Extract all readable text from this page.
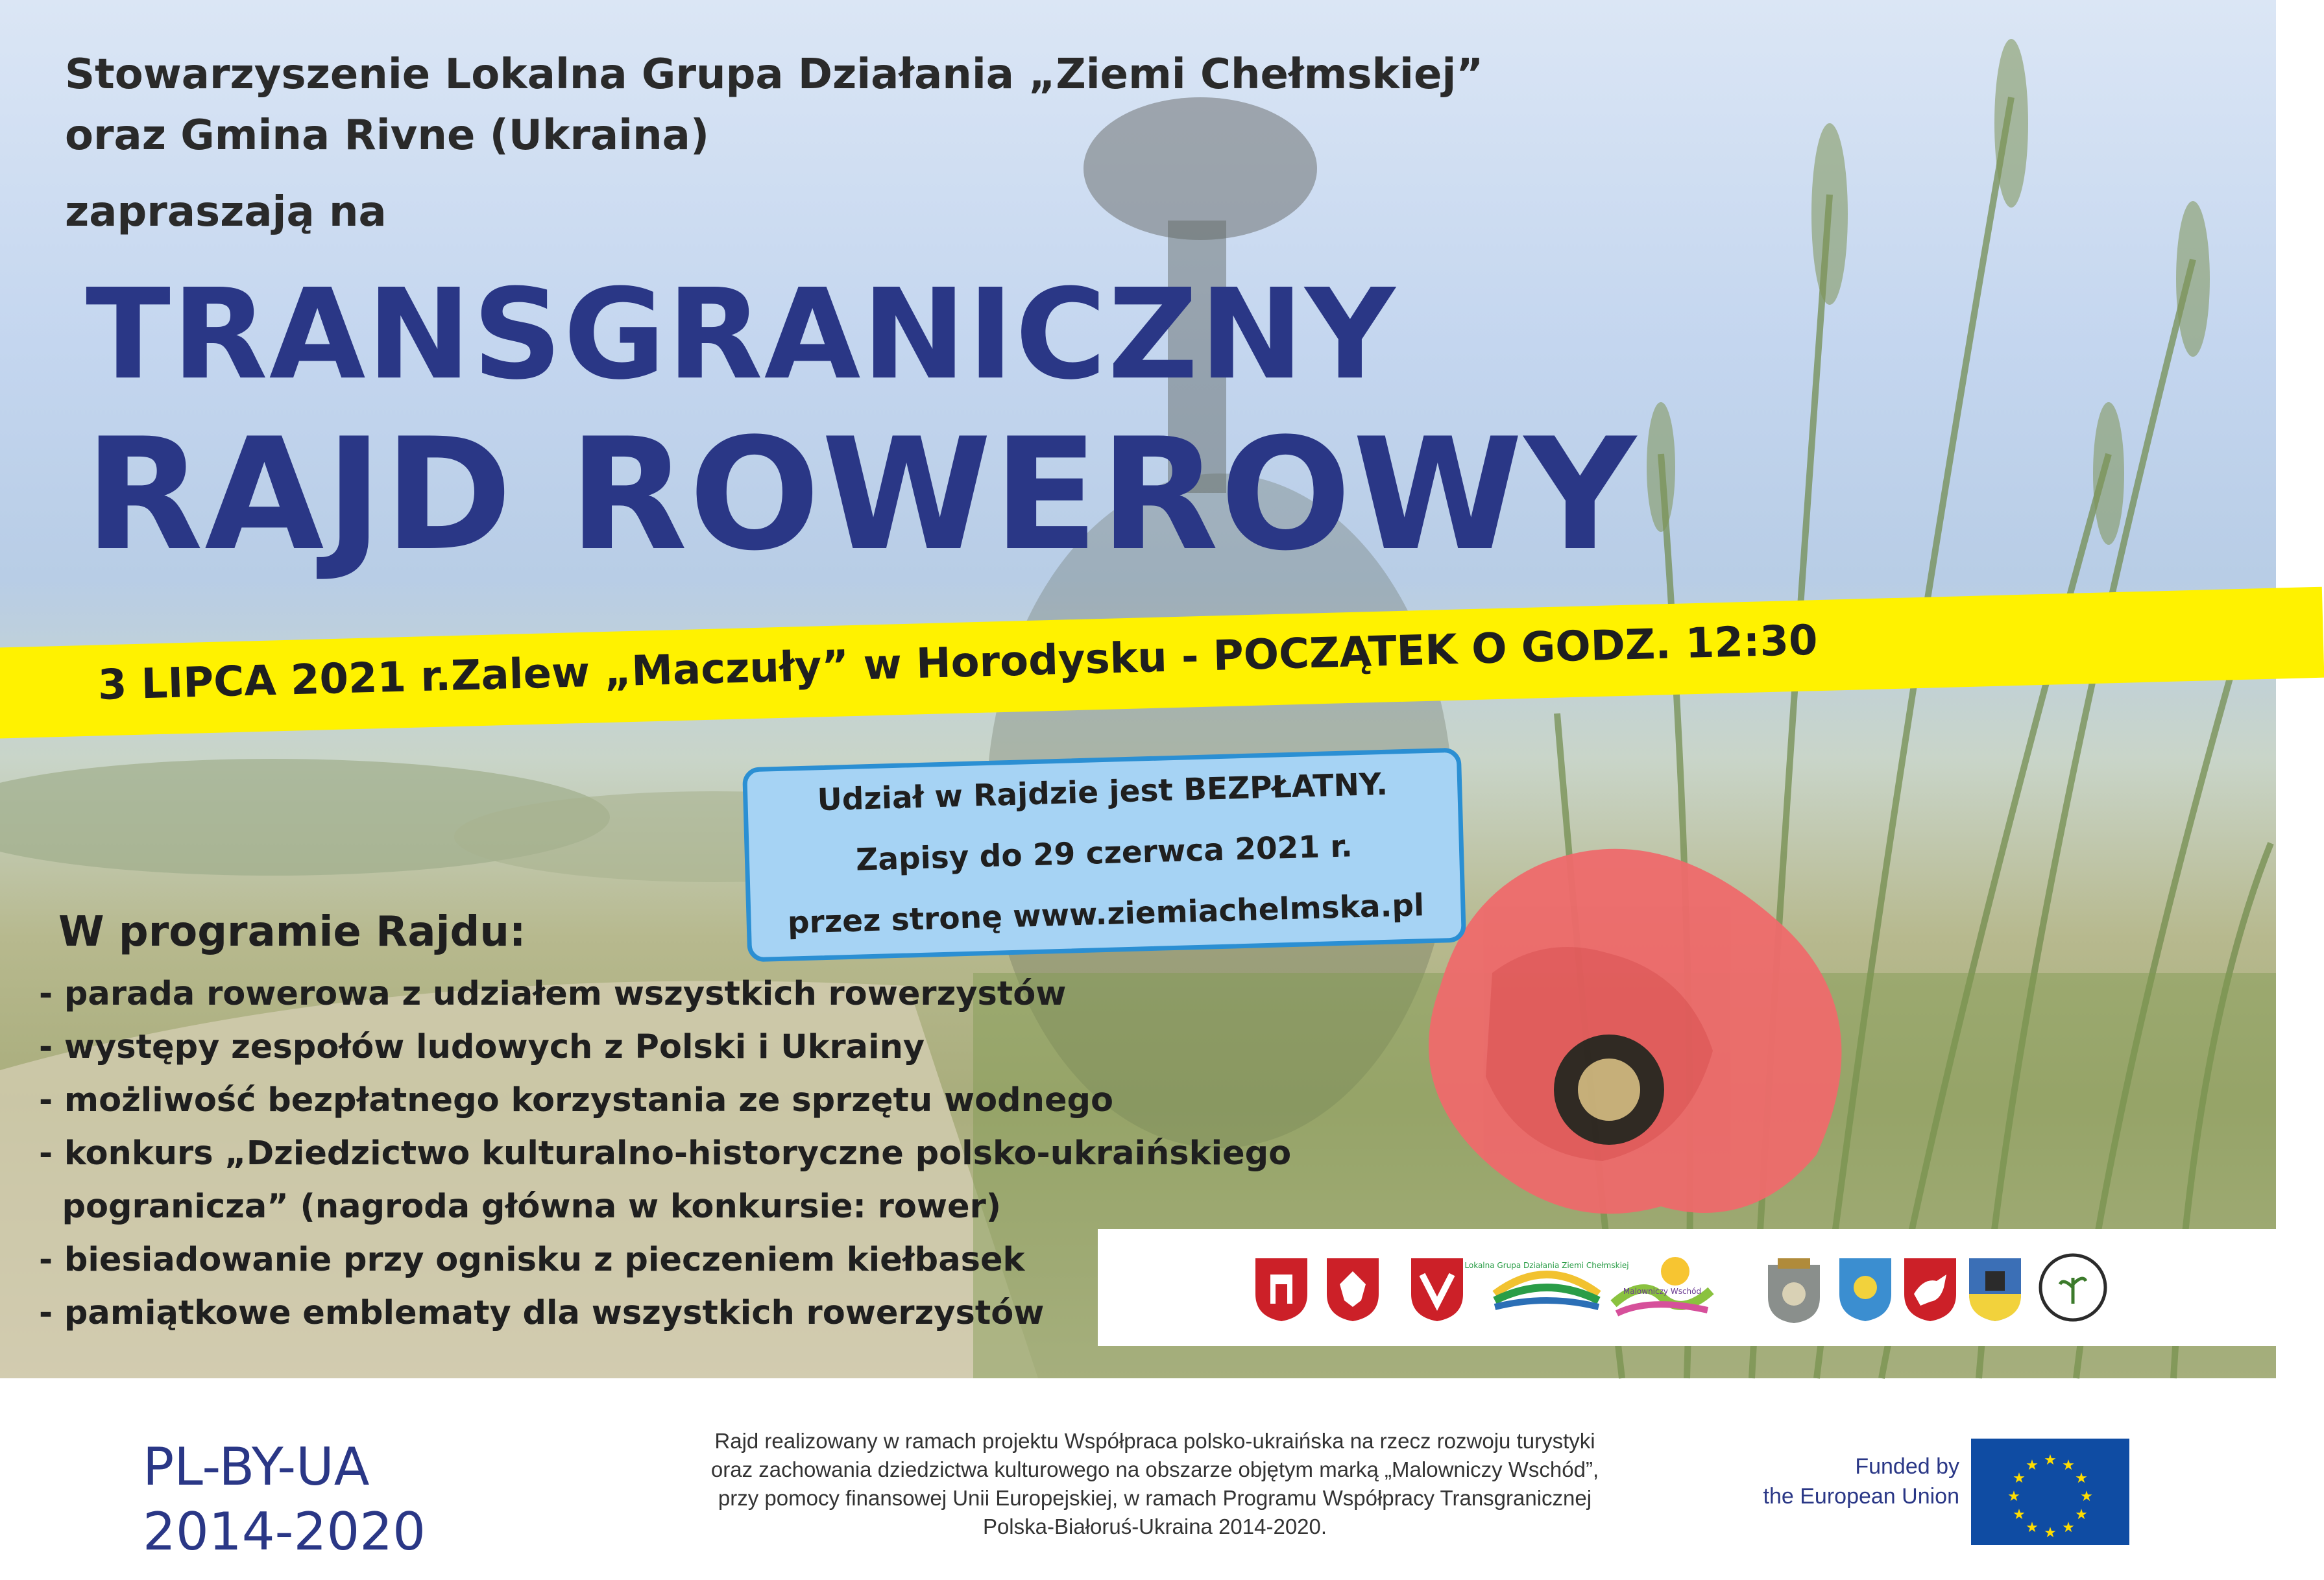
Stowarzyszenie Lokalna Grupa Działania „Ziemi Chełmskiej”
oraz Gmina Rivne (Ukraina)
zapraszają na
TRANSGRANICZNY
RAJD ROWEROWY
3 LIPCA 2021 r.Zalew „Maczuły” w Horodysku - POCZĄTEK O GODZ. 12:30
Udział w Rajdzie jest BEZPŁATNY.
Zapisy do 29 czerwca 2021 r.
przez stronę www.ziemiachelmska.pl
W programie Rajdu:
- parada rowerowa z udziałem wszystkich rowerzystów
- występy zespołów ludowych z Polski i Ukrainy
- możliwość bezpłatnego korzystania ze sprzętu wodnego
- konkurs „Dziedzictwo kulturalno-historyczne polsko-ukraińskiego
pogranicza” (nagroda główna w konkursie: rower)
- biesiadowanie przy ognisku z pieczeniem kiełbasek
- pamiątkowe emblematy dla wszystkich rowerzystów
Lokalna Grupa Działania Ziemi Chełmskiej
Malowniczy Wschód
PL-BY-UA
2014-2020
Rajd realizowany w ramach projektu Współpraca polsko-ukraińska na rzecz rozwoju turystyki
oraz zachowania dziedzictwa kulturowego na obszarze objętym marką „Malowniczy Wschód”,
przy pomocy finansowej Unii Europejskiej, w ramach Programu Współpracy Transgranicznej
Polska-Białoruś-Ukraina 2014-2020.
Funded by
the European Union
★ ★
★
★
★
★
★
★
★
★
★
★
